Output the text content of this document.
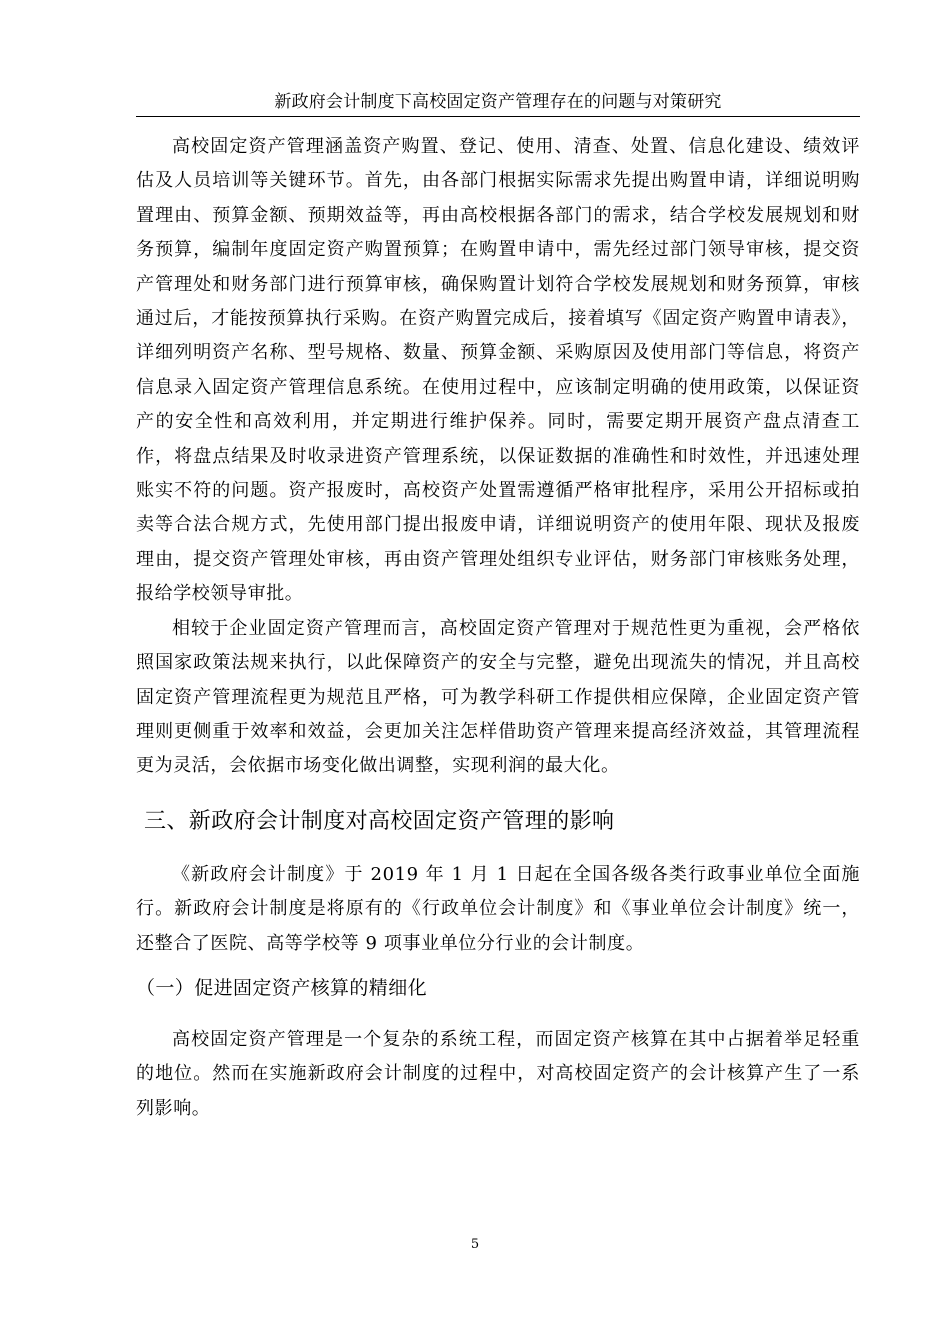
新政府会计制度下高校固定资产管理存在的问题与对策研究

高校固定资产管理涵盖资产购置、登记、使用、清查、处置、信息化建设、绩效评估及人员培训等关键环节。首先，由各部门根据实际需求先提出购置申请，详细说明购置理由、预算金额、预期效益等，再由高校根据各部门的需求，结合学校发展规划和财务预算，编制年度固定资产购置预算；在购置申请中，需先经过部门领导审核，提交资产管理处和财务部门进行预算审核，确保购置计划符合学校发展规划和财务预算，审核通过后，才能按预算执行采购。在资产购置完成后，接着填写《固定资产购置申请表》，详细列明资产名称、型号规格、数量、预算金额、采购原因及使用部门等信息，将资产信息录入固定资产管理信息系统。在使用过程中，应该制定明确的使用政策，以保证资产的安全性和高效利用，并定期进行维护保养。同时，需要定期开展资产盘点清查工作，将盘点结果及时收录进资产管理系统，以保证数据的准确性和时效性，并迅速处理账实不符的问题。资产报废时，高校资产处置需遵循严格审批程序，采用公开招标或拍卖等合法合规方式，先使用部门提出报废申请，详细说明资产的使用年限、现状及报废理由，提交资产管理处审核，再由资产管理处组织专业评估，财务部门审核账务处理，报给学校领导审批。

相较于企业固定资产管理而言，高校固定资产管理对于规范性更为重视，会严格依照国家政策法规来执行，以此保障资产的安全与完整，避免出现流失的情况，并且高校固定资产管理流程更为规范且严格，可为教学科研工作提供相应保障，企业固定资产管理则更侧重于效率和效益，会更加关注怎样借助资产管理来提高经济效益，其管理流程更为灵活，会依据市场变化做出调整，实现利润的最大化。

三、新政府会计制度对高校固定资产管理的影响

《新政府会计制度》于 2019 年 1 月 1 日起在全国各级各类行政事业单位全面施行。新政府会计制度是将原有的《行政单位会计制度》和《事业单位会计制度》统一，还整合了医院、高等学校等 9 项事业单位分行业的会计制度。

（一）促进固定资产核算的精细化

高校固定资产管理是一个复杂的系统工程，而固定资产核算在其中占据着举足轻重的地位。然而在实施新政府会计制度的过程中，对高校固定资产的会计核算产生了一系列影响。

5
